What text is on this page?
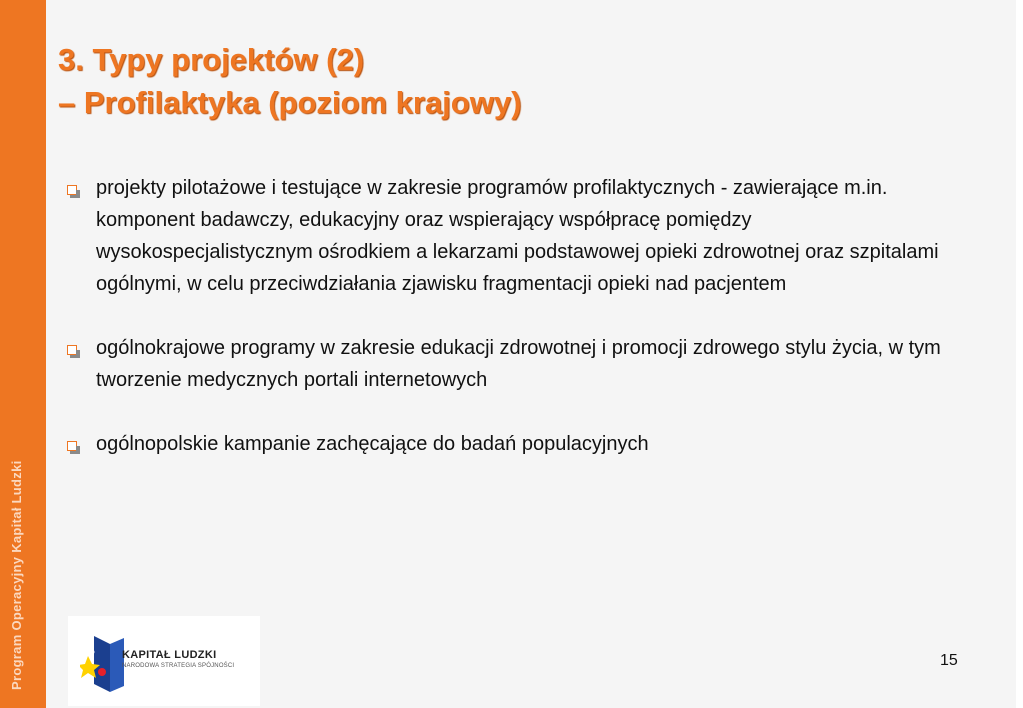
Program Operacyjny Kapitał Ludzki
3. Typy projektów (2)
– Profilaktyka (poziom krajowy)
projekty pilotażowe i testujące w zakresie programów profilaktycznych - zawierające m.in. komponent badawczy, edukacyjny oraz wspierający współpracę pomiędzy wysokospecjalistycznym ośrodkiem a lekarzami podstawowej opieki zdrowotnej oraz szpitalami ogólnymi, w celu przeciwdziałania zjawisku fragmentacji opieki nad pacjentem
ogólnokrajowe programy w zakresie edukacji zdrowotnej i promocji zdrowego stylu życia, w tym tworzenie medycznych portali internetowych
ogólnopolskie kampanie zachęcające do badań populacyjnych
KAPITAŁ LUDZKI
NARODOWA STRATEGIA SPÓJNOŚCI	15
